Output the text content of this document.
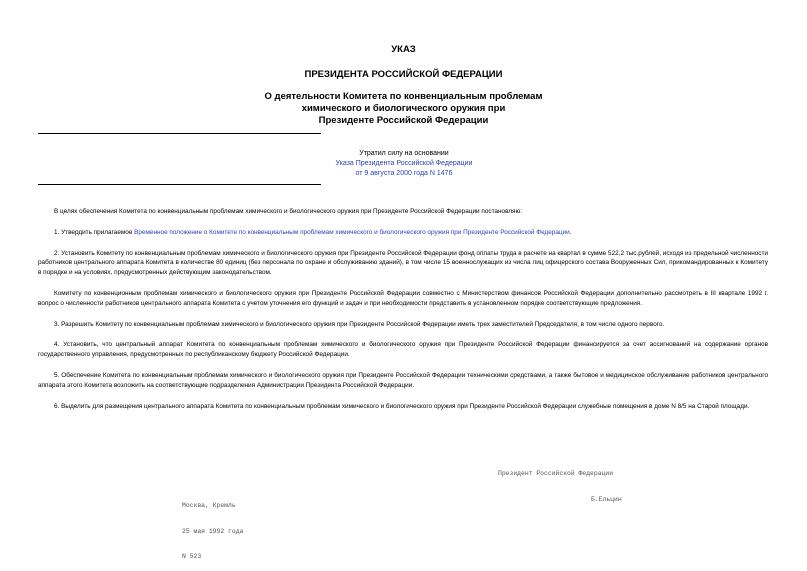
УКАЗ
ПРЕЗИДЕНТА РОССИЙСКОЙ ФЕДЕРАЦИИ
О деятельности Комитета по конвенциальным проблемам
химического и биологического оружия при
Президенте Российской Федерации
Утратил силу на основании
Указа Президента Российской Федерации
от 9 августа 2000 года N 1476

В целях обеспечения Комитета по конвенциальным проблемам химического и биологического оружия при Президенте Российской Федерации постановляю:

1. Утвердить прилагаемое Временное положение о Комитете по конвенциальным проблемам химического и биологического оружия при Президенте Российской Федерации.

2. Установить Комитету по конвенциальным проблемам химического и биологического оружия при Президенте Российской Федерации фонд оплаты труда в расчете на квартал в сумме 522,2 тыс.рублей, исходя из предельной численности работников центрального аппарата Комитета в количестве 80 единиц (без персонала по охране и обслуживанию зданий), в том числе 15 военнослужащих из числа лиц офицерского состава Вооруженных Сил, прикомандированных к Комитету в порядке и на условиях, предусмотренных действующим законодательством.

Комитету по конвенционным проблемам химического и биологического оружия при Президенте Российской Федерации совместно с Министерством финансов Российской Федерации дополнительно рассмотреть в III квартале 1992 г. вопрос о численности работников центрального аппарата Комитета с учетом уточнения его функций и задач и при необходимости представить в установленном порядке соответствующие предложения.

3. Разрешить Комитету по конвенциальным проблемам химического и биологического оружия при Президенте Российской Федерации иметь трех заместителей Председателя, в том числе одного первого.

4. Установить, что центральный аппарат Комитета по конвенциальным проблемам химического и биологического оружия при Президенте Российской Федерации финансируется за счет ассигнований на содержание органов государственного управления, предусмотренных по республиканскому бюджету Российской Федерации.

5. Обеспечение Комитета по конвенциальным проблемам химического и биологического оружия при Президенте Российской Федерации техническими средствами, а также бытовое и медицинское обслуживание работников центрального аппарата этого Комитета возложить на соответствующие подразделения Администрации Президента Российской Федерации.

6. Выделить для размещения центрального аппарата Комитета по конвенциальным проблемам химического и биологического оружия при Президенте Российской Федерации служебные помещения в доме N 8/5 на Старой площади.

Президент Российской Федерации

Б.Ельцин

Москва, Кремль

25 мая 1992 года

N 523
